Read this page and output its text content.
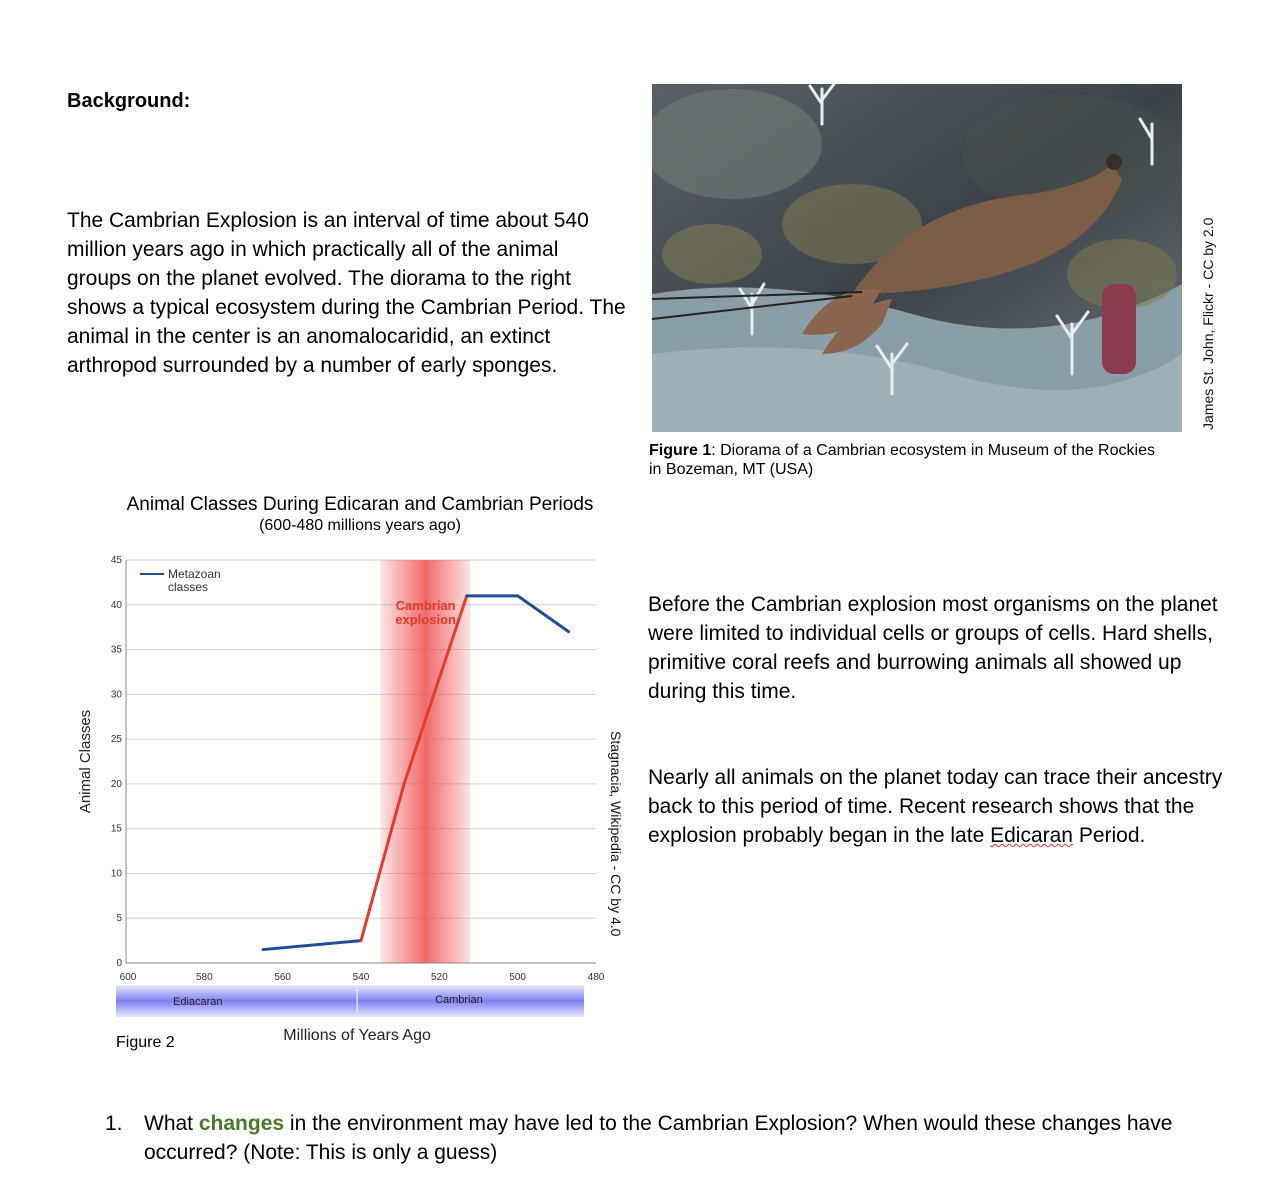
Background:
The Cambrian Explosion is an interval of time about 540 million years ago in which practically all of the animal groups on the planet evolved. The diorama to the right shows a typical ecosystem during the Cambrian Period. The animal in the center is an anomalocaridid, an extinct arthropod surrounded by a number of early sponges.	James St. John, Flickr - CC by 2.0
Figure 1: Diorama of a Cambrian ecosystem in Museum of the Rockies in Bozeman, MT (USA)
Animal Classes During Edicaran and Cambrian Periods
(600-480 millions years ago)
0
5
10
15
20
25
30
35
40
45
Cambrian
explosion
Metazoan
classes
600	580	560	540	520	500	480
Ediacaran	Cambrian
Millions of Years Ago
Animal Classes	Stagnacia, Wikipedia - CC by 4.0
Figure 2
Before the Cambrian explosion most organisms on the planet were limited to individual cells or groups of cells. Hard shells, primitive coral reefs and burrowing animals all showed up during this time.
Nearly all animals on the planet today can trace their ancestry back to this period of time. Recent research shows that the explosion probably began in the late Edicaran Period.
1. What changes in the environment may have led to the Cambrian Explosion? When would these changes have occurred? (Note: This is only a guess)
